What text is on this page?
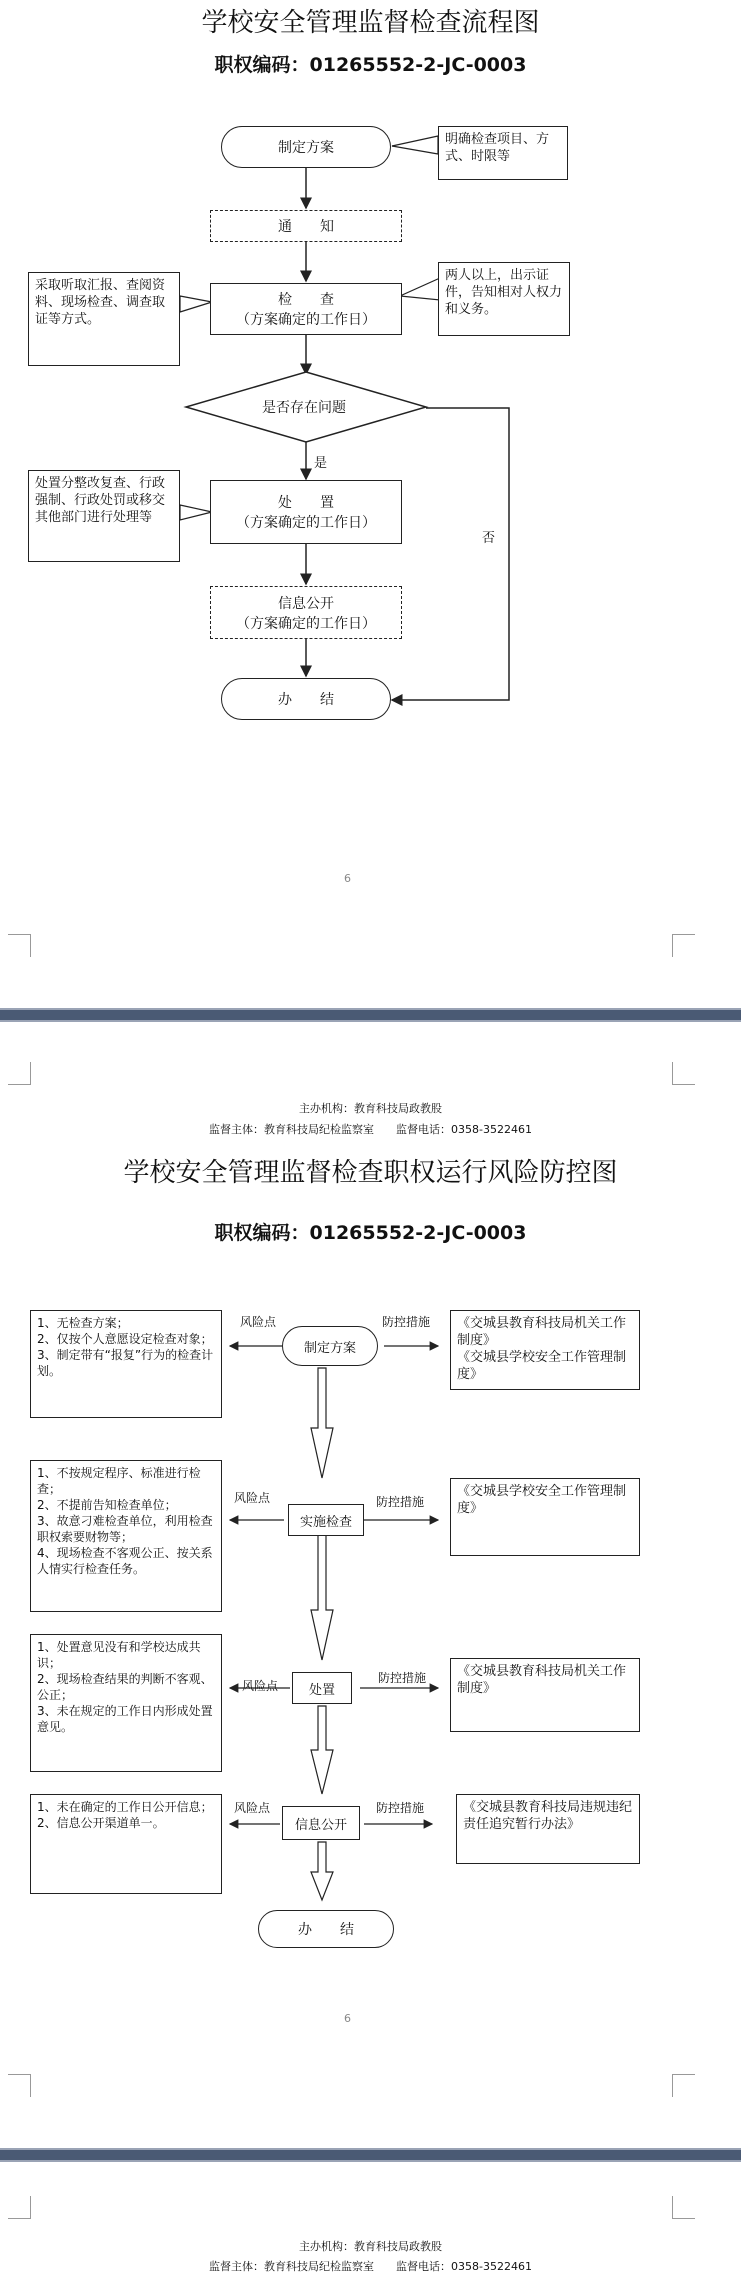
学校安全管理监督检查流程图
职权编码：01265552-2-JC-0003
制定方案
通　　知
检　　查
（方案确定的工作日）
是否存在问题
是
否
处　　置
（方案确定的工作日）
信息公开
（方案确定的工作日）
办　　结
明确检查项目、方式、时限等
采取听取汇报、查阅资料、现场检查、调查取证等方式。
两人以上，出示证件，告知相对人权力和义务。
处置分整改复查、行政强制、行政处罚或移交其他部门进行处理等
6
主办机构：教育科技局政教股
监督主体：教育科技局纪检监察室　　监督电话：0358-3522461
学校安全管理监督检查职权运行风险防控图
职权编码：01265552-2-JC-0003
制定方案
风险点	防控措施
1、无检查方案；
2、仅按个人意愿设定检查对象；
3、制定带有“报复”行为的检查计划。
《交城县教育科技局机关工作制度》
《交城县学校安全工作管理制度》
实施检查
风险点	防控措施
1、不按规定程序、标准进行检查；
2、不提前告知检查单位；
3、故意刁难检查单位，利用检查职权索要财物等；
4、现场检查不客观公正、按关系人情实行检查任务。
《交城县学校安全工作管理制度》
处置
风险点
防控措施
1、处置意见没有和学校达成共识；
2、现场检查结果的判断不客观、公正；
3、未在规定的工作日内形成处置意见。
《交城县教育科技局机关工作制度》
信息公开
风险点	防控措施
1、未在确定的工作日公开信息；
2、信息公开渠道单一。
《交城县教育科技局违规违纪责任追究暂行办法》
办　　结
6
主办机构：教育科技局政教股
监督主体：教育科技局纪检监察室　　监督电话：0358-3522461
